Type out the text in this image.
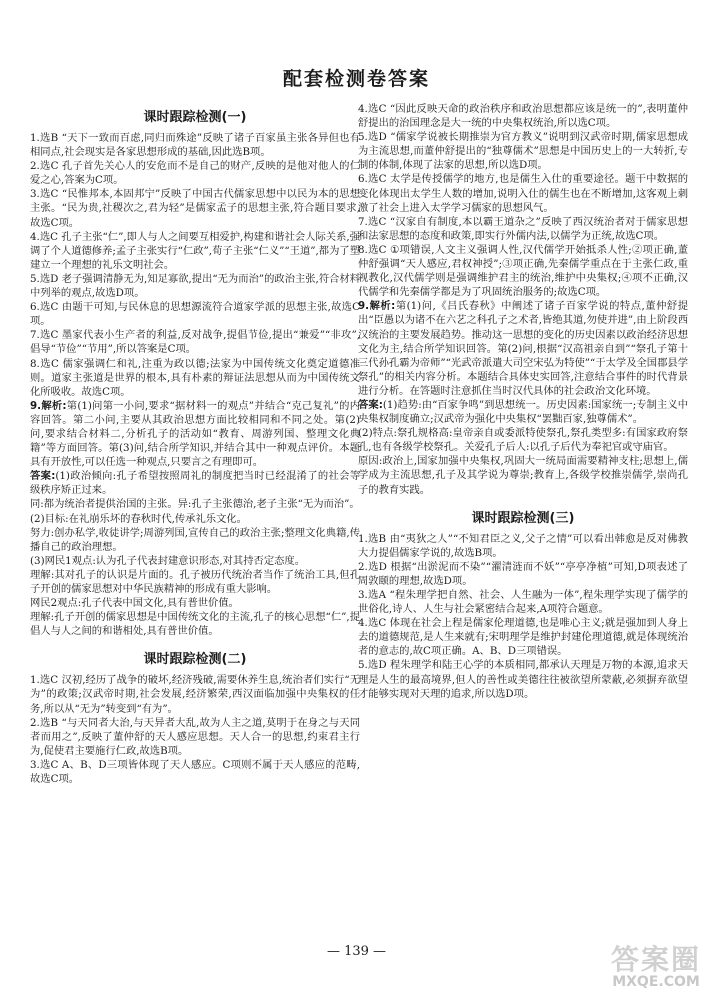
配套检测卷答案
课时跟踪检测(一)

1.选B “天下一致而百虑,同归而殊途”反映了诸子百家虽主张各异但也有相同点,社会现实是各家思想形成的基础,因此选B项。

2.选C 孔子首先关心人的安危而不是自己的财产,反映的是他对他人的仁爱之心,答案为C项。

3.选C “民惟邦本,本固邦宁”反映了中国古代儒家思想中以民为本的思想主张。“民为贵,社稷次之,君为轻”是儒家孟子的思想主张,符合题目要求,故选C项。

4.选C 孔子主张“仁”,即人与人之间要互相爱护,构建和谐社会人际关系,强调了个人道德修养;孟子主张实行“仁政”,荀子主张“仁义”“王道”,都为了塑建立一个理想的礼乐文明社会。

5.选D 老子强调清静无为,知足寡欲,提出“无为而治”的政治主张,符合材料中列举的观点,故选D项。

6.选C 由题干可知,与民休息的思想源流符合道家学派的思想主张,故选C项。

7.选C 墨家代表小生产者的利益,反对战争,提倡节俭,提出“兼爱”“非攻”,倡导“节俭”“节用”,所以答案是C项。

8.选C 儒家强调仁和礼,注重为政以德;法家为中国传统文化奠定道德准则。道家主张道是世界的根本,具有朴素的辩证法思想从而为中国传统文化所吸收。故选C项。

9.解析:第(1)问第一小问,要求“据材料一的观点”并结合“克己复礼”的内容回答。第二小问,主要从其政治思想方面比较相同和不同之处。第(2)问,要求结合材料二,分析孔子的活动如“教育、周游列国、整理文化典籍”等方面回答。第(3)问,结合所学知识,并结合其中一种观点评价。本题具有开放性,可以任选一种观点,只要言之有理即可。

答案:(1)政治倾向:孔子希望按照周礼的制度把当时已经混淆了的社会等级秩序矫正过来。

同:都为统治者提供治国的主张。异:孔子主张德治,老子主张“无为而治”。

(2)目标:在礼崩乐坏的春秋时代,传承礼乐文化。

努力:创办私学,收徒讲学;周游列国,宣传自己的政治主张;整理文化典籍,传播自己的政治理想。

(3)网民1观点:认为孔子代表封建意识形态,对其持否定态度。

理解:其对孔子的认识是片面的。孔子被历代统治者当作了统治工具,但孔子开创的儒家思想对中华民族精神的形成有重大影响。

网民2观点:孔子代表中国文化,具有普世价值。

理解:孔子开创的儒家思想是中国传统文化的主流,孔子的核心思想“仁”,提倡人与人之间的和谐相处,具有普世价值。

课时跟踪检测(二)

1.选C 汉初,经历了战争的破坏,经济残破,需要休养生息,统治者们实行“无为”的政策;汉武帝时期,社会发展,经济繁荣,西汉面临加强中央集权的任务,所以从“无为”转变到“有为”。

2.选B “与天同者大治,与天异者大乱,故为人主之道,莫明于在身之与天同者而用之”,反映了董仲舒的天人感应思想。天人合一的思想,约束君主行为,促使君主要施行仁政,故选B项。

3.选C A、B、D三项皆体现了天人感应。C项则不属于天人感应的范畴,故选C项。

4.选C “因此反映天命的政治秩序和政治思想都应该是统一的”,表明董仲舒提出的治国理念是大一统的中央集权统治,所以选C项。

5.选D “儒家学说被长期推崇为官方教义”说明到汉武帝时期,儒家思想成为主流思想,而董仲舒提出的“独尊儒术”思想是中国历史上的一大转折,专制的体制,体现了法家的思想,所以选D项。

6.选C 太学是传授儒学的地方,也是儒生入仕的重要途径。题干中数据的变化体现出太学生人数的增加,说明入仕的儒生也在不断增加,这客观上刺激了社会上进入太学学习儒家的思想风气。

7.选C “汉家自有制度,本以霸王道杂之”反映了西汉统治者对于儒家思想和法家思想的态度和政策,即实行外儒内法,以儒学为正统,故选C项。

8.选C ①项错误,人文主义强调人性,汉代儒学开始抵杀人性;②项正确,董仲舒强调“天人感应,君权神授”;③项正确,先秦儒学重点在于主张仁政,重视教化,汉代儒学则是强调维护君主的统治,维护中央集权;④项不正确,汉代儒学和先秦儒学都是为了巩固统治服务的;故选C项。

9.解析:第(1)问,《吕氏春秋》中阐述了诸子百家学说的特点,董仲舒提出“臣愚以为诸不在六艺之科孔子之术者,皆绝其道,勿使并进”,由上阶段西汉统治的主要发展趋势。推动这一思想的变化的历史因素以政治经济思想文化为主,结合所学知识回答。第(2)问,根据“汉高祖亲自到”“祭孔子第十三代孙孔霸为帝师”“光武帝派遣大司空宋弘为特使”“于太学及全国郡县学祭孔”的相关内容分析。本题结合具体史实回答,注意结合事件的时代背景进行分析。在答题时注意抓住当时汉代具体的社会政治文化环境。

答案:(1)趋势:由“百家争鸣”到思想统一。历史因素:国家统一;专制主义中央集权制度确立;汉武帝为强化中央集权“罢黜百家,独尊儒术”。

(2)特点:祭孔规格高:皇帝亲自或委派特使祭孔,祭孔类型多:有国家政府祭孔,也有各级学校祭孔。关爱孔子后人:以孔子后代为奉祀官或守庙官。

原因:政治上,国家加强中央集权,巩固大一统局面需要精神支柱;思想上,儒学成为主流思想,孔子及其学说为尊崇;教育上,各级学校推崇儒学,崇尚孔子的教育实践。

课时跟踪检测(三)

1.选B 由“夷狄之人”“不知君臣之义,父子之情”可以看出韩愈是反对佛教大力提倡儒家学说的,故选B项。

2.选D 根据“出淤泥而不染”“濯清涟而不妖”“亭亭净植”可知,D项表述了周敦颐的理想,故选D项。

3.选A “程朱理学把自然、社会、人生融为一体”,程朱理学实现了儒学的世俗化,诗人、人生与社会紧密结合起来,A项符合题意。

4.选C 体现在社会上程是儒家伦理道德,也是唯心主义;就是强加到人身上去的道德规范,是人生来就有;宋明理学是维护封建伦理道德,就是体现统治者的意志的,故C项正确。A、B、D三项错误。

5.选D 程朱理学和陆王心学的本质相同,都承认天理是万物的本源,追求天理是人生的最高境界,但人的善性或美德往往被欲望所蒙蔽,必须摒弃欲望才能够实现对天理的追求,所以选D项。

— 139 —	答案圈
MXQE.COM
